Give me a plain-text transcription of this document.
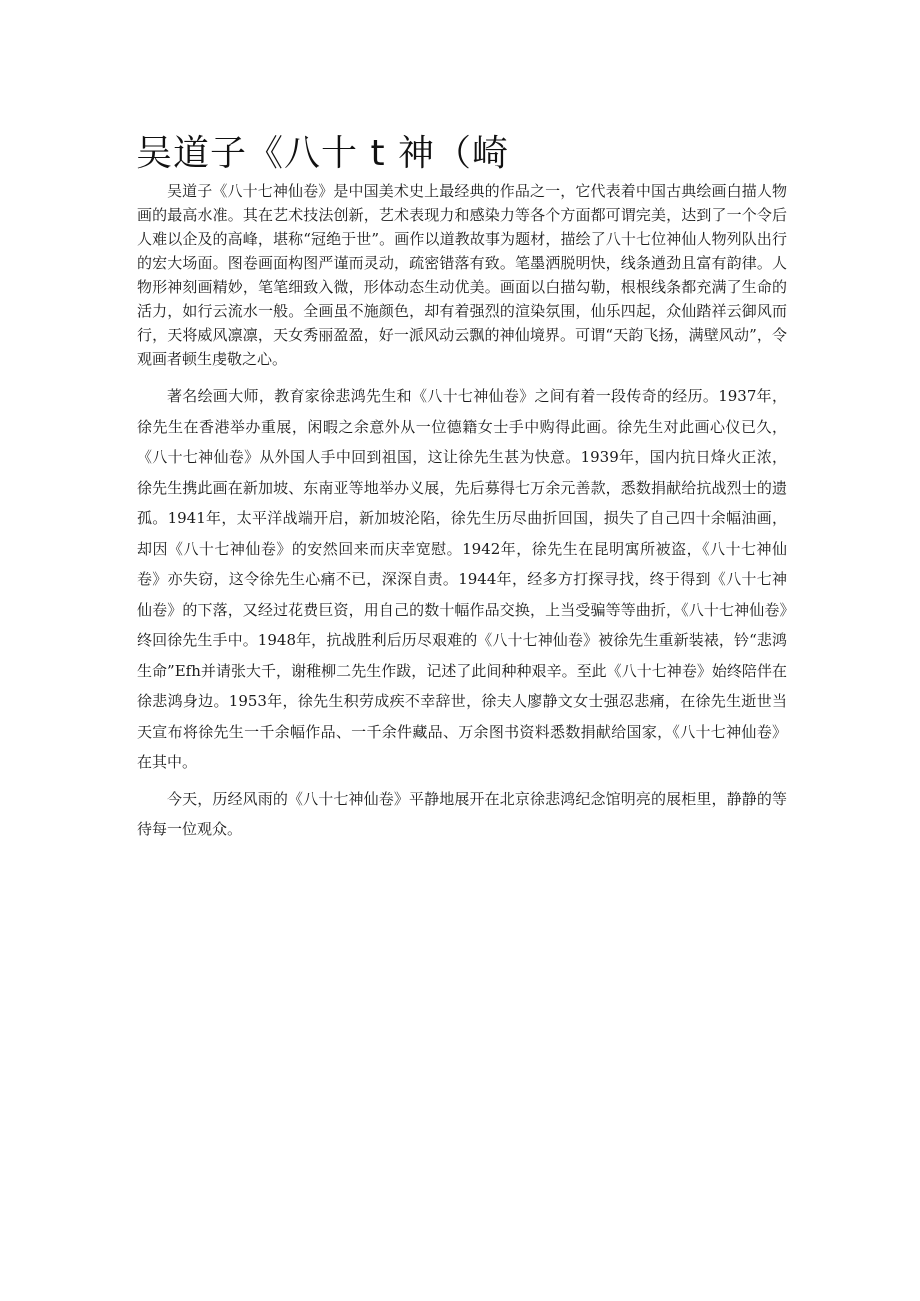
吴道子《八十 t 神（崎

吴道子《八十七神仙卷》是中国美术史上最经典的作品之一，它代表着中国古典绘画白描人物画的最高水准。其在艺术技法创新，艺术表现力和感染力等各个方面都可谓完美，达到了一个令后人难以企及的高峰，堪称“冠绝于世”。画作以道教故事为题材，描绘了八十七位神仙人物列队出行的宏大场面。图卷画面构图严谨而灵动，疏密错落有致。笔墨洒脱明快，线条遒劲且富有韵律。人物形神刻画精妙，笔笔细致入微，形体动态生动优美。画面以白描勾勒，根根线条都充满了生命的活力，如行云流水一般。全画虽不施颜色，却有着强烈的渲染氛围，仙乐四起，众仙踏祥云御风而行，天将威风凛凛，天女秀丽盈盈，好一派风动云飘的神仙境界。可谓“天韵飞扬，满壁风动”，令观画者顿生虔敬之心。

著名绘画大师，教育家徐悲鸿先生和《八十七神仙卷》之间有着一段传奇的经历。1937年，徐先生在香港举办重展，闲暇之余意外从一位德籍女士手中购得此画。徐先生对此画心仪已久，《八十七神仙卷》从外国人手中回到祖国，这让徐先生甚为快意。1939年，国内抗日烽火正浓，徐先生携此画在新加坡、东南亚等地举办义展，先后募得七万余元善款，悉数捐献给抗战烈士的遗孤。1941年，太平洋战端开启，新加坡沦陷，徐先生历尽曲折回国，损失了自己四十余幅油画，却因《八十七神仙卷》的安然回来而庆幸宽慰。1942年，徐先生在昆明寓所被盗，《八十七神仙卷》亦失窃，这令徐先生心痛不已，深深自责。1944年，经多方打探寻找，终于得到《八十七神仙卷》的下落，又经过花费巨资，用自己的数十幅作品交换，上当受骗等等曲折，《八十七神仙卷》终回徐先生手中。1948年，抗战胜利后历尽艰难的《八十七神仙卷》被徐先生重新装裱，钤“悲鸿生命”Efh并请张大千，谢稚柳二先生作跋，记述了此间种种艰辛。至此《八十七神卷》始终陪伴在徐悲鸿身边。1953年，徐先生积劳成疾不幸辞世，徐夫人廖静文女士强忍悲痛，在徐先生逝世当天宣布将徐先生一千余幅作品、一千余件藏品、万余图书资料悉数捐献给国家，《八十七神仙卷》在其中。

今天，历经风雨的《八十七神仙卷》平静地展开在北京徐悲鸿纪念馆明亮的展柜里，静静的等待每一位观众。
